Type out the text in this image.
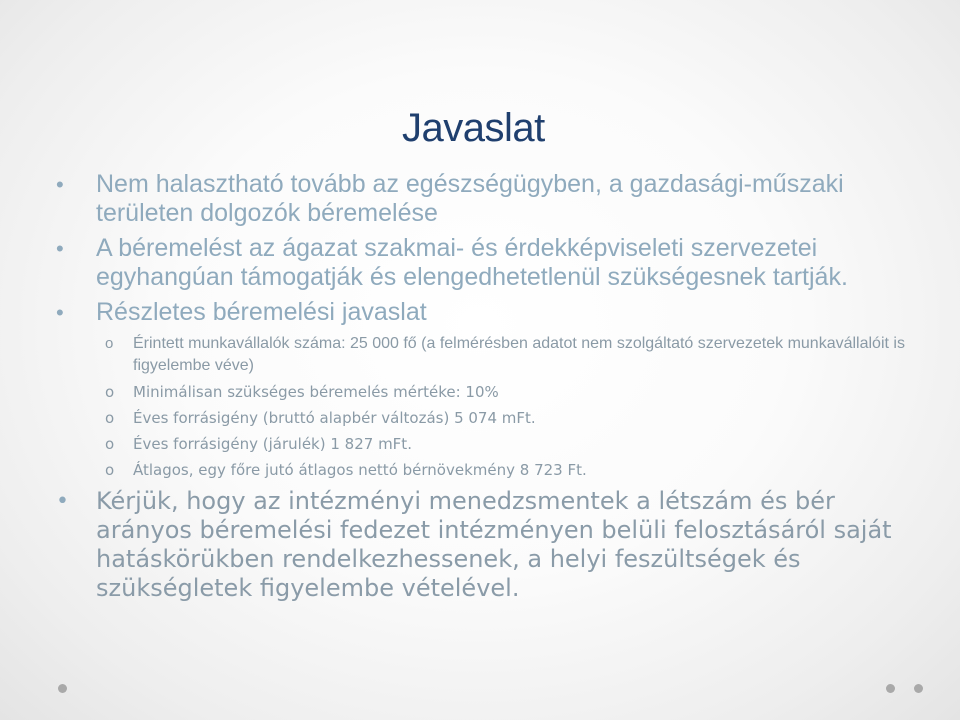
Javaslat
• Nem halasztható tovább az egészségügyben, a gazdasági-műszaki területen dolgozók béremelése
• A béremelést az ágazat szakmai- és érdekképviseleti szervezetei egyhangúan támogatják és elengedhetetlenül szükségesnek tartják.
• Részletes béremelési javaslat
o Érintett munkavállalók száma: 25 000 fő (a felmérésben adatot nem szolgáltató szervezetek munkavállalóit is figyelembe véve)
o Minimálisan szükséges béremelés mértéke: 10%
o Éves forrásigény (bruttó alapbér változás) 5 074 mFt.
o Éves forrásigény (járulék) 1 827 mFt.
o Átlagos, egy főre jutó átlagos nettó bérnövekmény 8 723 Ft.
• Kérjük, hogy az intézményi menedzsmentek a létszám és bér arányos béremelési fedezet intézményen belüli felosztásáról saját hatáskörükben rendelkezhessenek, a helyi feszültségek és szükségletek figyelembe vételével.
